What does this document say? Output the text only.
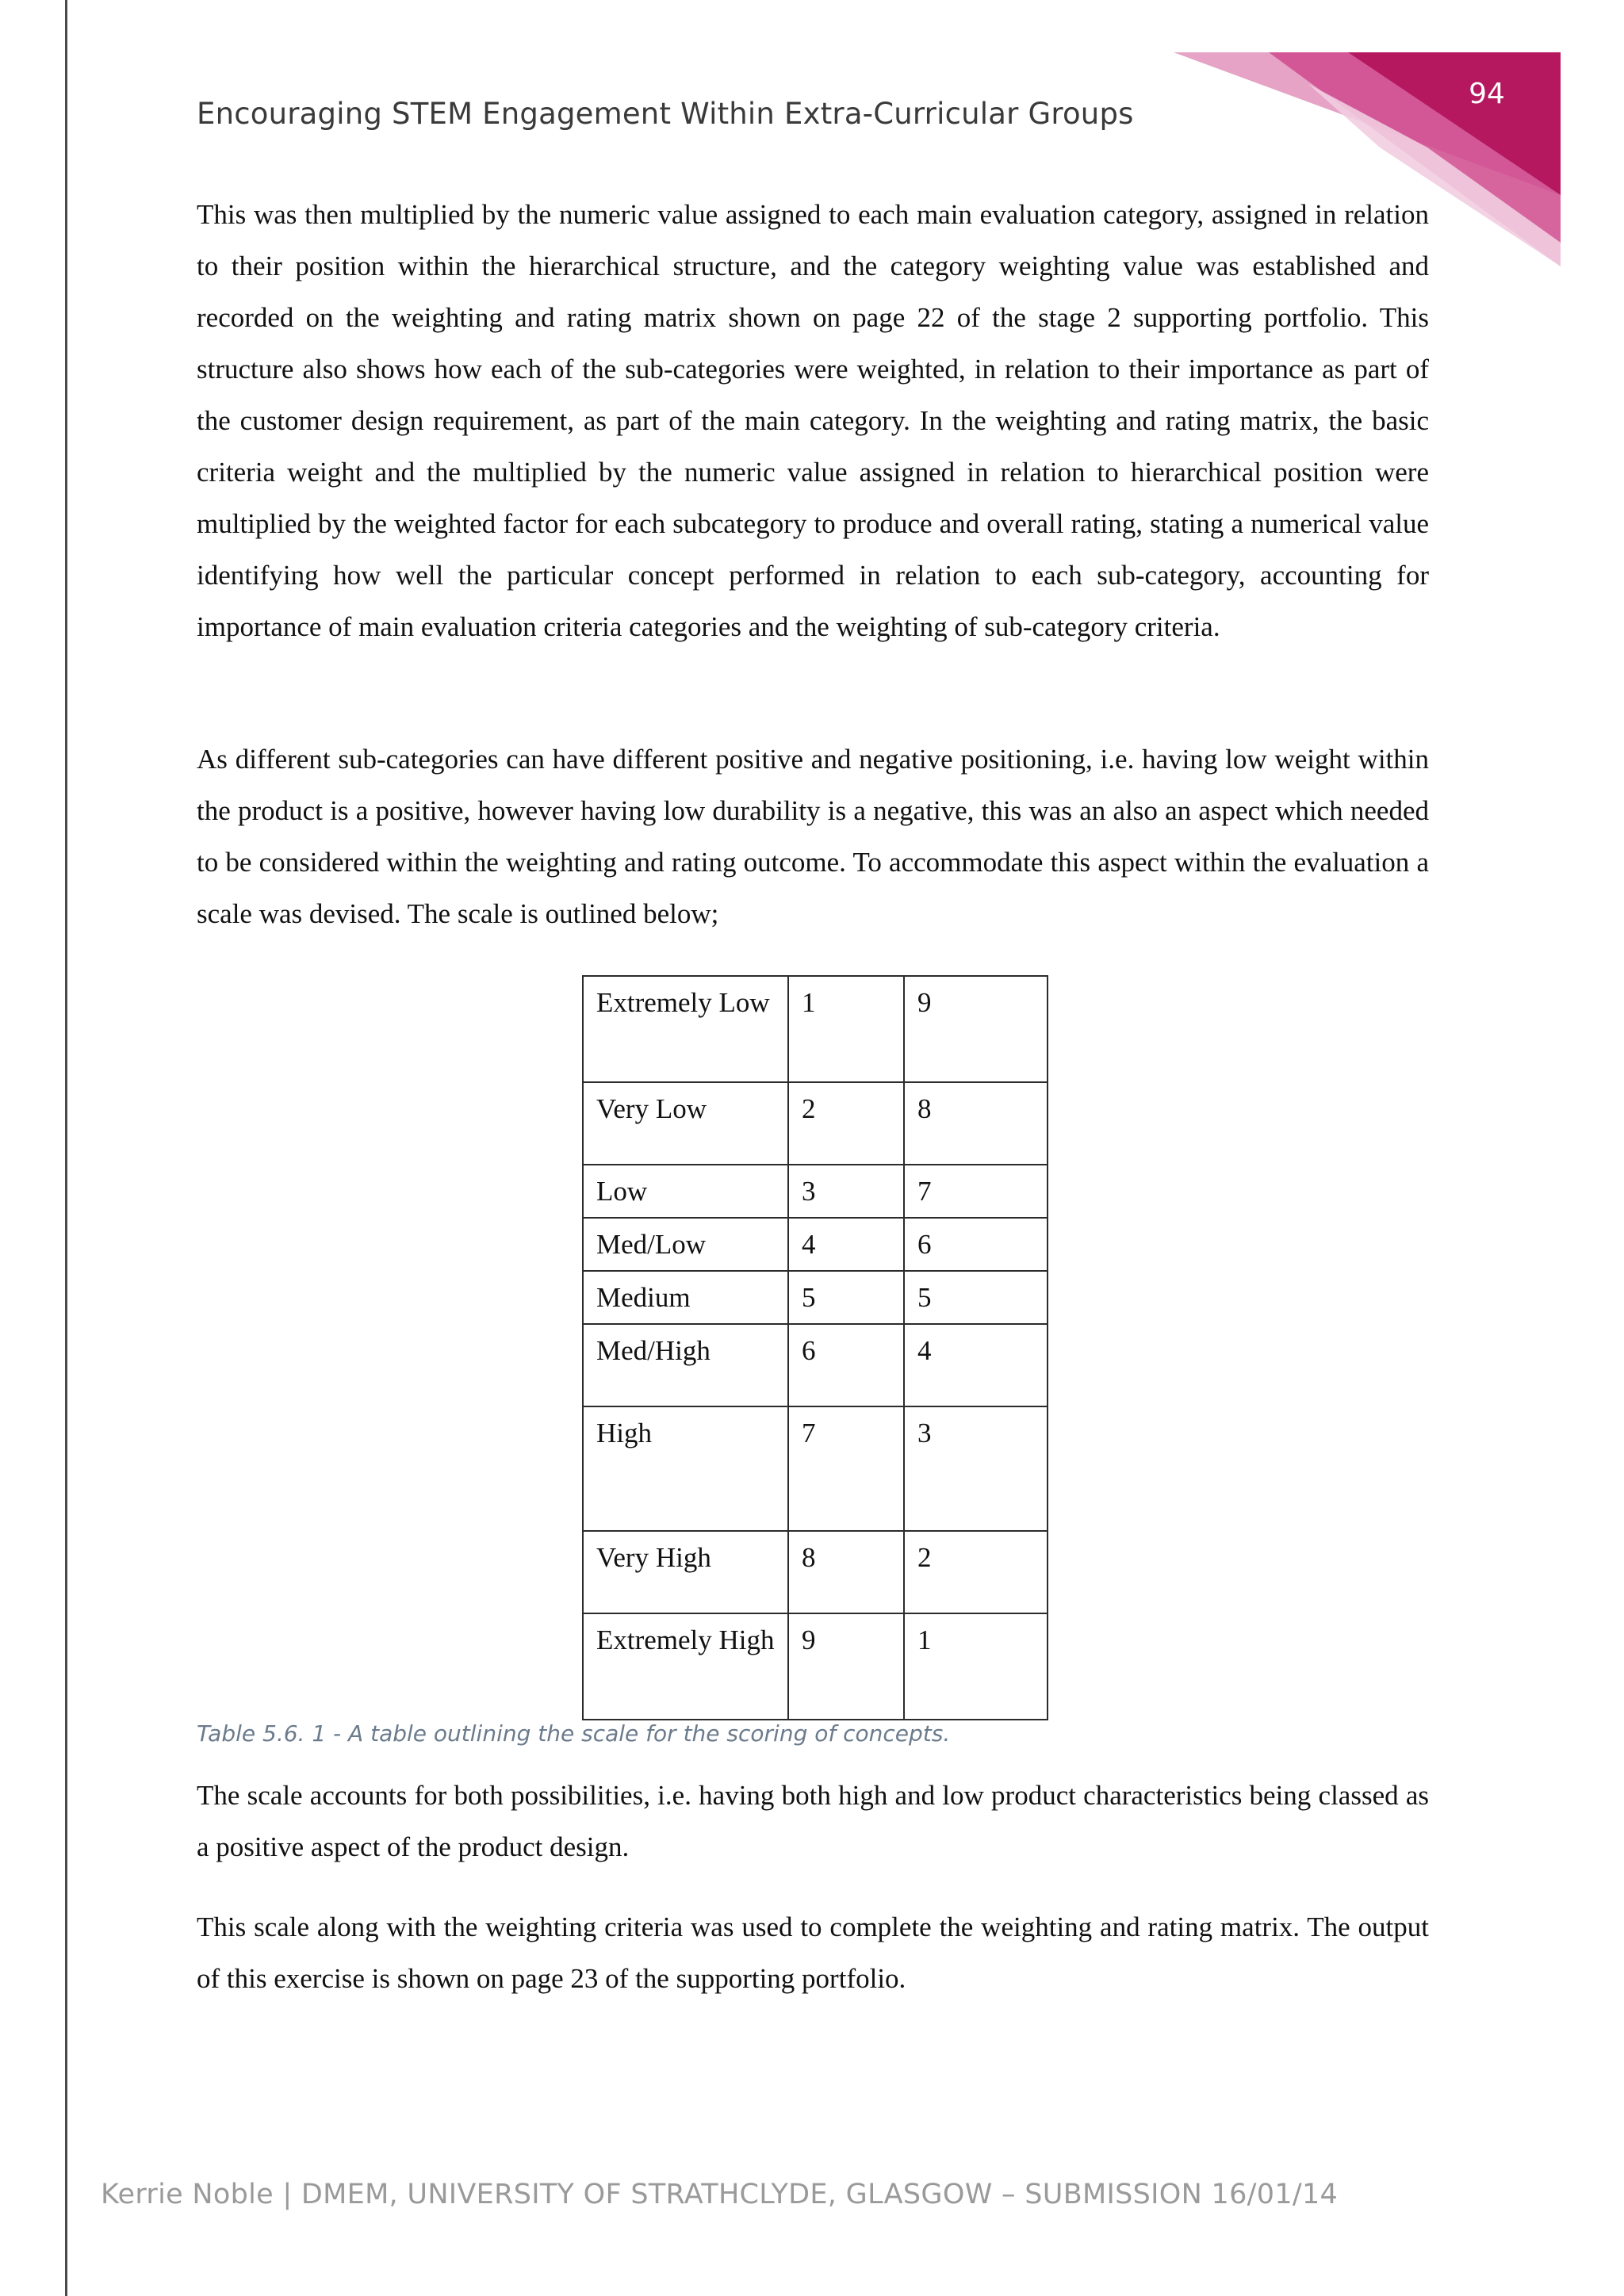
94
Encouraging STEM Engagement Within Extra-Curricular Groups

This was then multiplied by the numeric value assigned to each main evaluation category, assigned in relation to their position within the hierarchical structure, and the category weighting value was established and recorded on the weighting and rating matrix shown on page 22 of the stage 2 supporting portfolio. This structure also shows how each of the sub-categories were weighted, in relation to their importance as part of the customer design requirement, as part of the main category. In the weighting and rating matrix, the basic criteria weight and the multiplied by the numeric value assigned in relation to hierarchical position were multiplied by the weighted factor for each subcategory to produce and overall rating, stating a numerical value identifying how well the particular concept performed in relation to each sub-category, accounting for importance of main evaluation criteria categories and the weighting of sub-category criteria.

As different sub-categories can have different positive and negative positioning, i.e. having low weight within the product is a positive, however having low durability is a negative, this was an also an aspect which needed to be considered within the weighting and rating outcome. To accommodate this aspect within the evaluation a scale was devised. The scale is outlined below;

Extremely Low	1	9
Very Low	2	8
Low	3	7
Med/Low	4	6
Medium	5	5
Med/High	6	4
High	7	3
Very High	8	2
Extremely High	9	1
Table 5.6. 1 - A table outlining the scale for the scoring of concepts.

The scale accounts for both possibilities, i.e. having both high and low product characteristics being classed as a positive aspect of the product design.

This scale along with the weighting criteria was used to complete the weighting and rating matrix. The output of this exercise is shown on page 23 of the supporting portfolio.

Kerrie Noble | DMEM, UNIVERSITY OF STRATHCLYDE, GLASGOW – SUBMISSION 16/01/14
